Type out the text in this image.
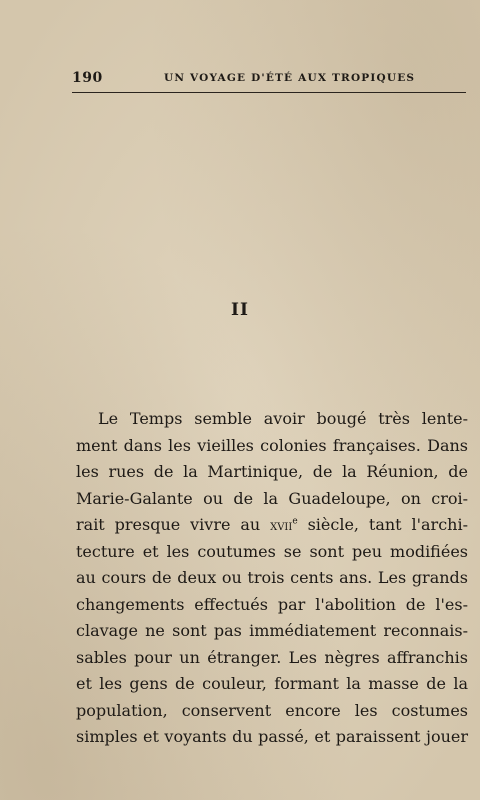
190	UN VOYAGE D'ÉTÉ AUX TROPIQUES
II
Le Temps semble avoir bougé très lente-
ment dans les vieilles colonies françaises. Dans
les rues de la Martinique, de la Réunion, de
Marie-Galante ou de la Guadeloupe, on croi-
rait presque vivre au xvii$^e$ siècle, tant l'archi-
tecture et les coutumes se sont peu modifiées
au cours de deux ou trois cents ans. Les grands
changements effectués par l'abolition de l'es-
clavage ne sont pas immédiatement reconnais-
sables pour un étranger. Les nègres affranchis
et les gens de couleur, formant la masse de la
population, conservent encore les costumes
simples et voyants du passé, et paraissent jouer
